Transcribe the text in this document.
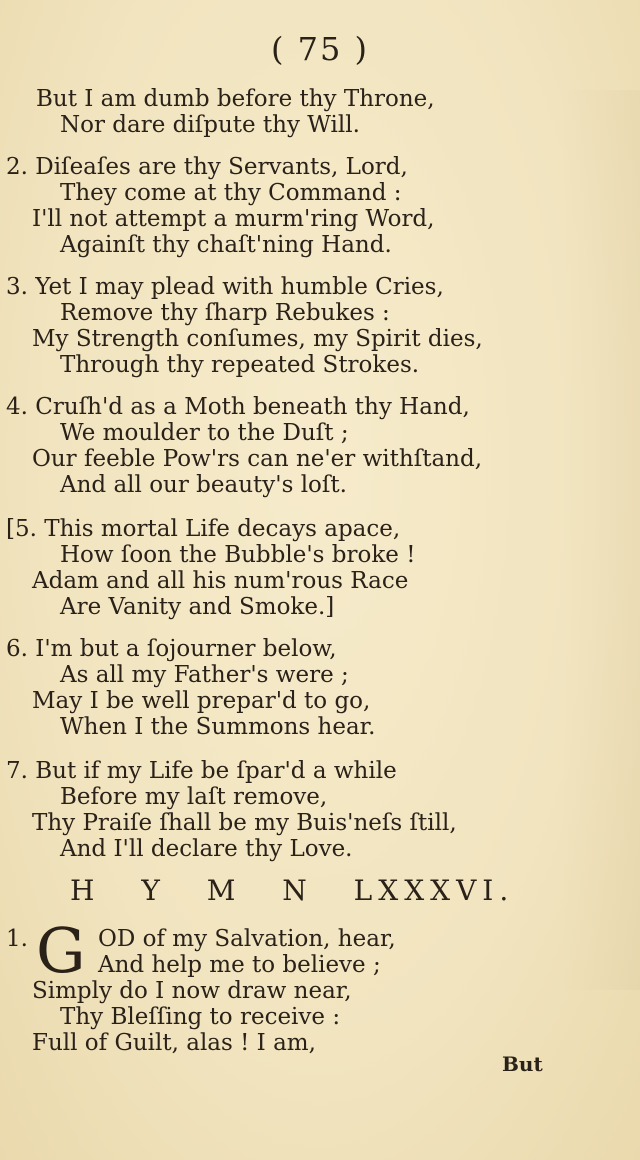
( 75 )
But I am dumb before thy Throne,
Nor dare diſpute thy Will.
2. Diſeaſes are thy Servants, Lord,
They come at thy Command :
I'll not attempt a murm'ring Word,
Againſt thy chaſt'ning Hand.
3. Yet I may plead with humble Cries,
Remove thy ſharp Rebukes :
My Strength conſumes, my Spirit dies,
Through thy repeated Strokes.
4. Cruſh'd as a Moth beneath thy Hand,
We moulder to the Duſt ;
Our feeble Pow'rs can ne'er withſtand,
And all our beauty's loſt.
[5. This mortal Life decays apace,
How ſoon the Bubble's broke !
Adam and all his num'rous Race
Are Vanity and Smoke.]
6. I'm but a ſojourner below,
As all my Father's were ;
May I be well prepar'd to go,
When I the Summons hear.
7. But if my Life be ſpar'd a while
Before my laſt remove,
Thy Praiſe ſhall be my Buis'neſs ſtill,
And I'll declare thy Love.
H Y M N LXXXVI.
1. G OD of my Salvation, hear,
And help me to believe ;
Simply do I now draw near,
Thy Bleſſing to receive :
Full of Guilt, alas ! I am,
But
